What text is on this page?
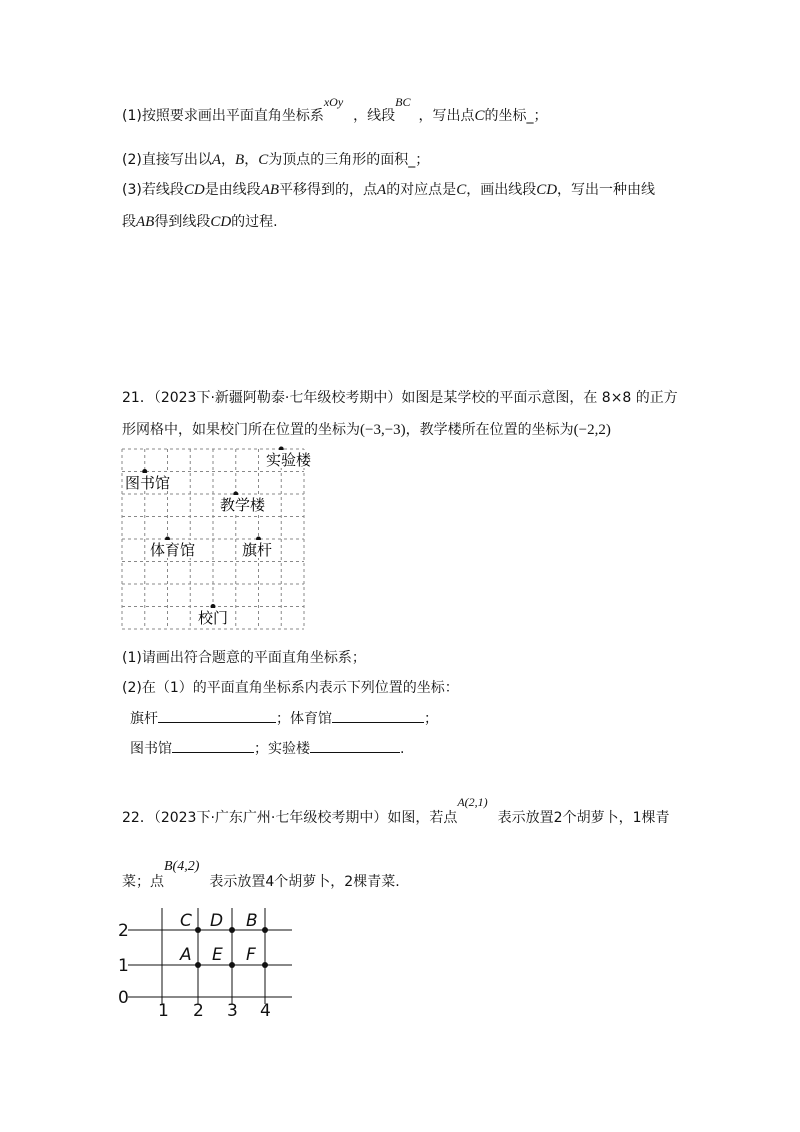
(1)按照要求画出平面直角坐标系xOy，线段BC，写出点C的坐标_；
(2)直接写出以A，B，C为顶点的三角形的面积_；
(3)若线段CD是由线段AB平移得到的，点A的对应点是C，画出线段CD，写出一种由线
段AB得到线段CD的过程.
21．（2023下·新疆阿勒泰·七年级校考期中）如图是某学校的平面示意图，在 8×8 的正方
形网格中，如果校门所在位置的坐标为(−3,−3)，教学楼所在位置的坐标为(−2,2)
实验楼
图书馆
教学楼
体育馆	旗杆
校门
(1)请画出符合题意的平面直角坐标系；
(2)在（1）的平面直角坐标系内表示下列位置的坐标：
旗杆	；体育馆	；
图书馆	；实验楼	.
22．（2023下·广东广州·七年级校考期中）如图，若点A(2,1)表示放置2个胡萝卜，1棵青
菜；点B(4,2)表示放置4个胡萝卜，2棵青菜.
2
1
0
1 2 3 4
C D B
A E F
